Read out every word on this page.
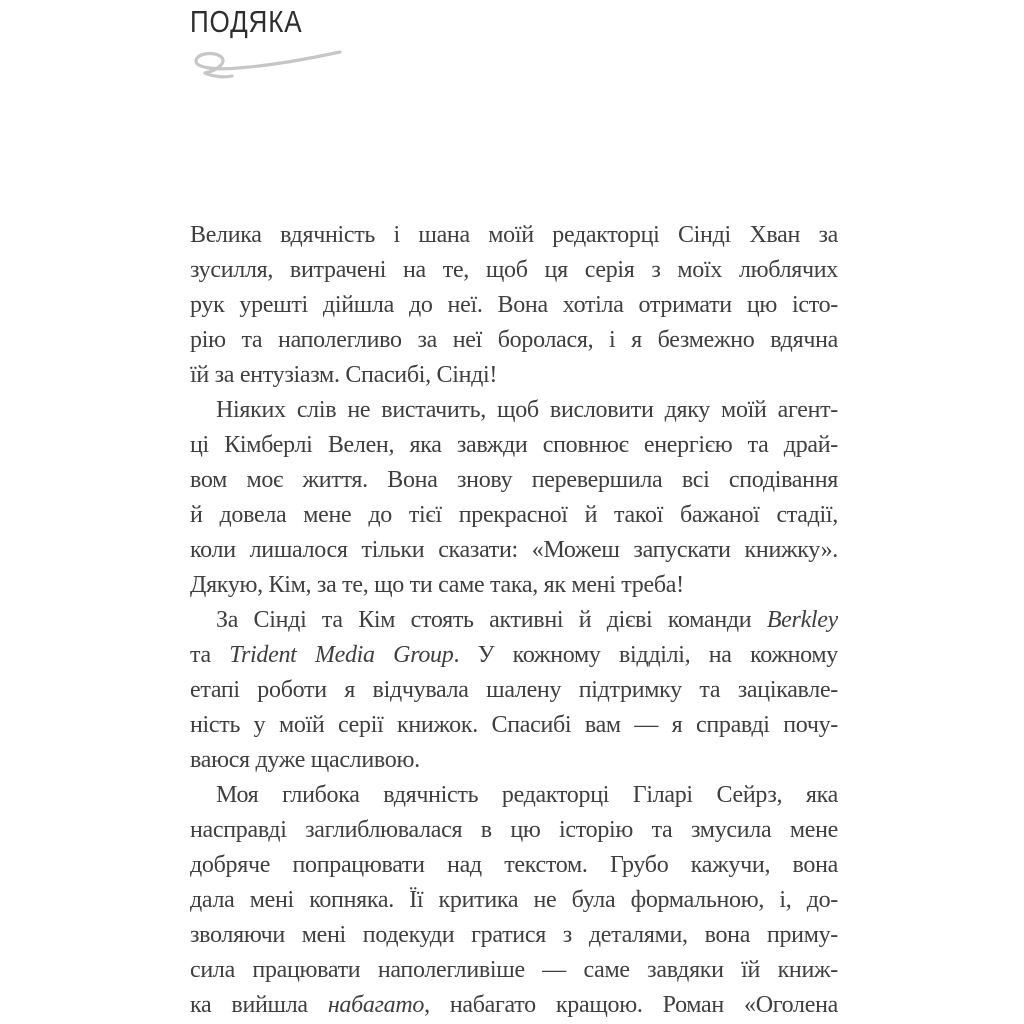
ПОДЯКА
Велика вдячність і шана моїй редакторці Сінді Хван за
зусилля, витрачені на те, щоб ця серія з моїх люблячих
рук урешті дійшла до неї. Вона хотіла отримати цю істо-
рію та наполегливо за неї боролася, і я безмежно вдячна
їй за ентузіазм. Спасибі, Сінді!
Ніяких слів не вистачить, щоб висловити дяку моїй агент-
ці Кімберлі Велен, яка завжди сповнює енергією та драй-
вом моє життя. Вона знову перевершила всі сподівання
й довела мене до тієї прекрасної й такої бажаної стадії,
коли лишалося тільки сказати: «Можеш запускати книжку».
Дякую, Кім, за те, що ти саме така, як мені треба!
За Сінді та Кім стоять активні й дієві команди Berkley
та Trident Media Group. У кожному відділі, на кожному
етапі роботи я відчувала шалену підтримку та зацікавле-
ність у моїй серії книжок. Спасибі вам — я справді почу-
ваюся дуже щасливою.
Моя глибока вдячність редакторці Гіларі Сейрз, яка
насправді заглиблювалася в цю історію та змусила мене
добряче попрацювати над текстом. Грубо кажучи, вона
дала мені копняка. Її критика не була формальною, і, до-
зволяючи мені подекуди гратися з деталями, вона приму-
сила працювати наполегливіше — саме завдяки їй книж-
ка вийшла набагато, набагато кращою. Роман «Оголена
